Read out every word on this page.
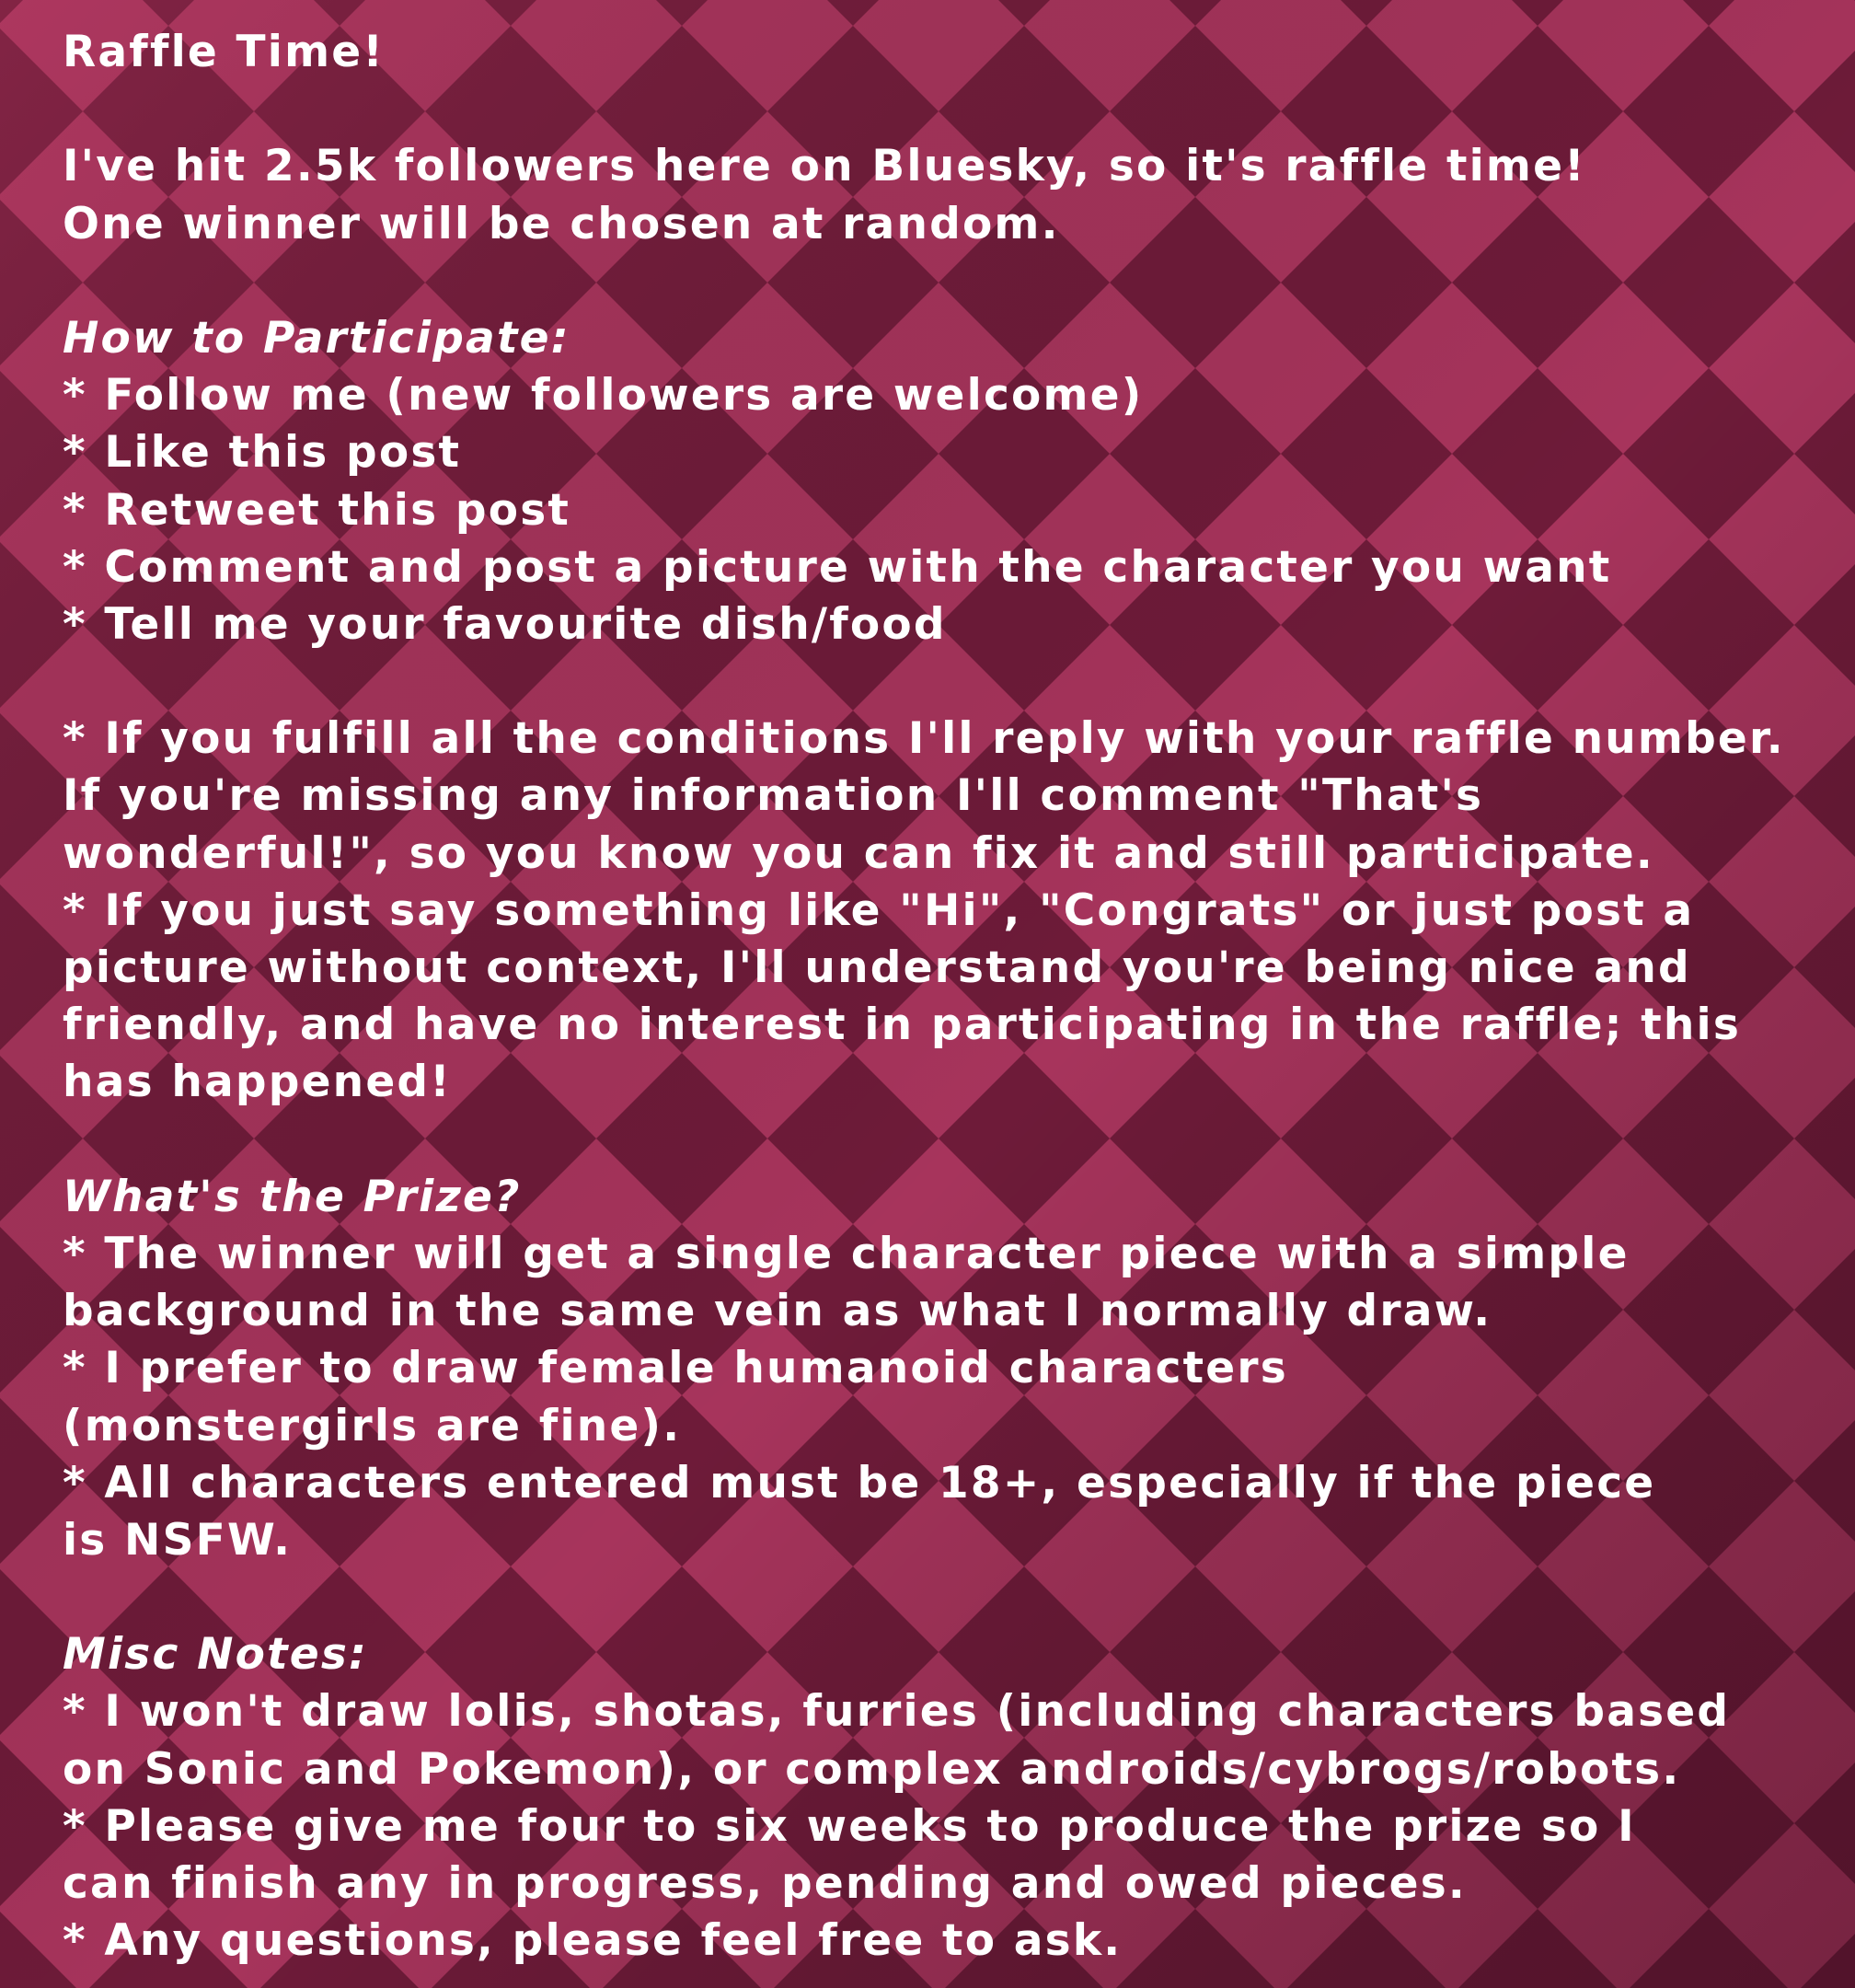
Raffle Time!
I've hit 2.5k followers here on Bluesky, so it's raffle time!
One winner will be chosen at random.
How to Participate:
* Follow me (new followers are welcome)
* Like this post
* Retweet this post
* Comment and post a picture with the character you want
* Tell me your favourite dish/food
* If you fulfill all the conditions I'll reply with your raffle number.
If you're missing any information I'll comment "That's
wonderful!", so you know you can fix it and still participate.
* If you just say something like "Hi", "Congrats" or just post a
picture without context, I'll understand you're being nice and
friendly, and have no interest in participating in the raffle; this
has happened!
What's the Prize?
* The winner will get a single character piece with a simple
background in the same vein as what I normally draw.
* I prefer to draw female humanoid characters
(monstergirls are fine).
* All characters entered must be 18+, especially if the piece
is NSFW.
Misc Notes:
* I won't draw lolis, shotas, furries (including characters based
on Sonic and Pokemon), or complex androids/cybrogs/robots.
* Please give me four to six weeks to produce the prize so I
can finish any in progress, pending and owed pieces.
* Any questions, please feel free to ask.
